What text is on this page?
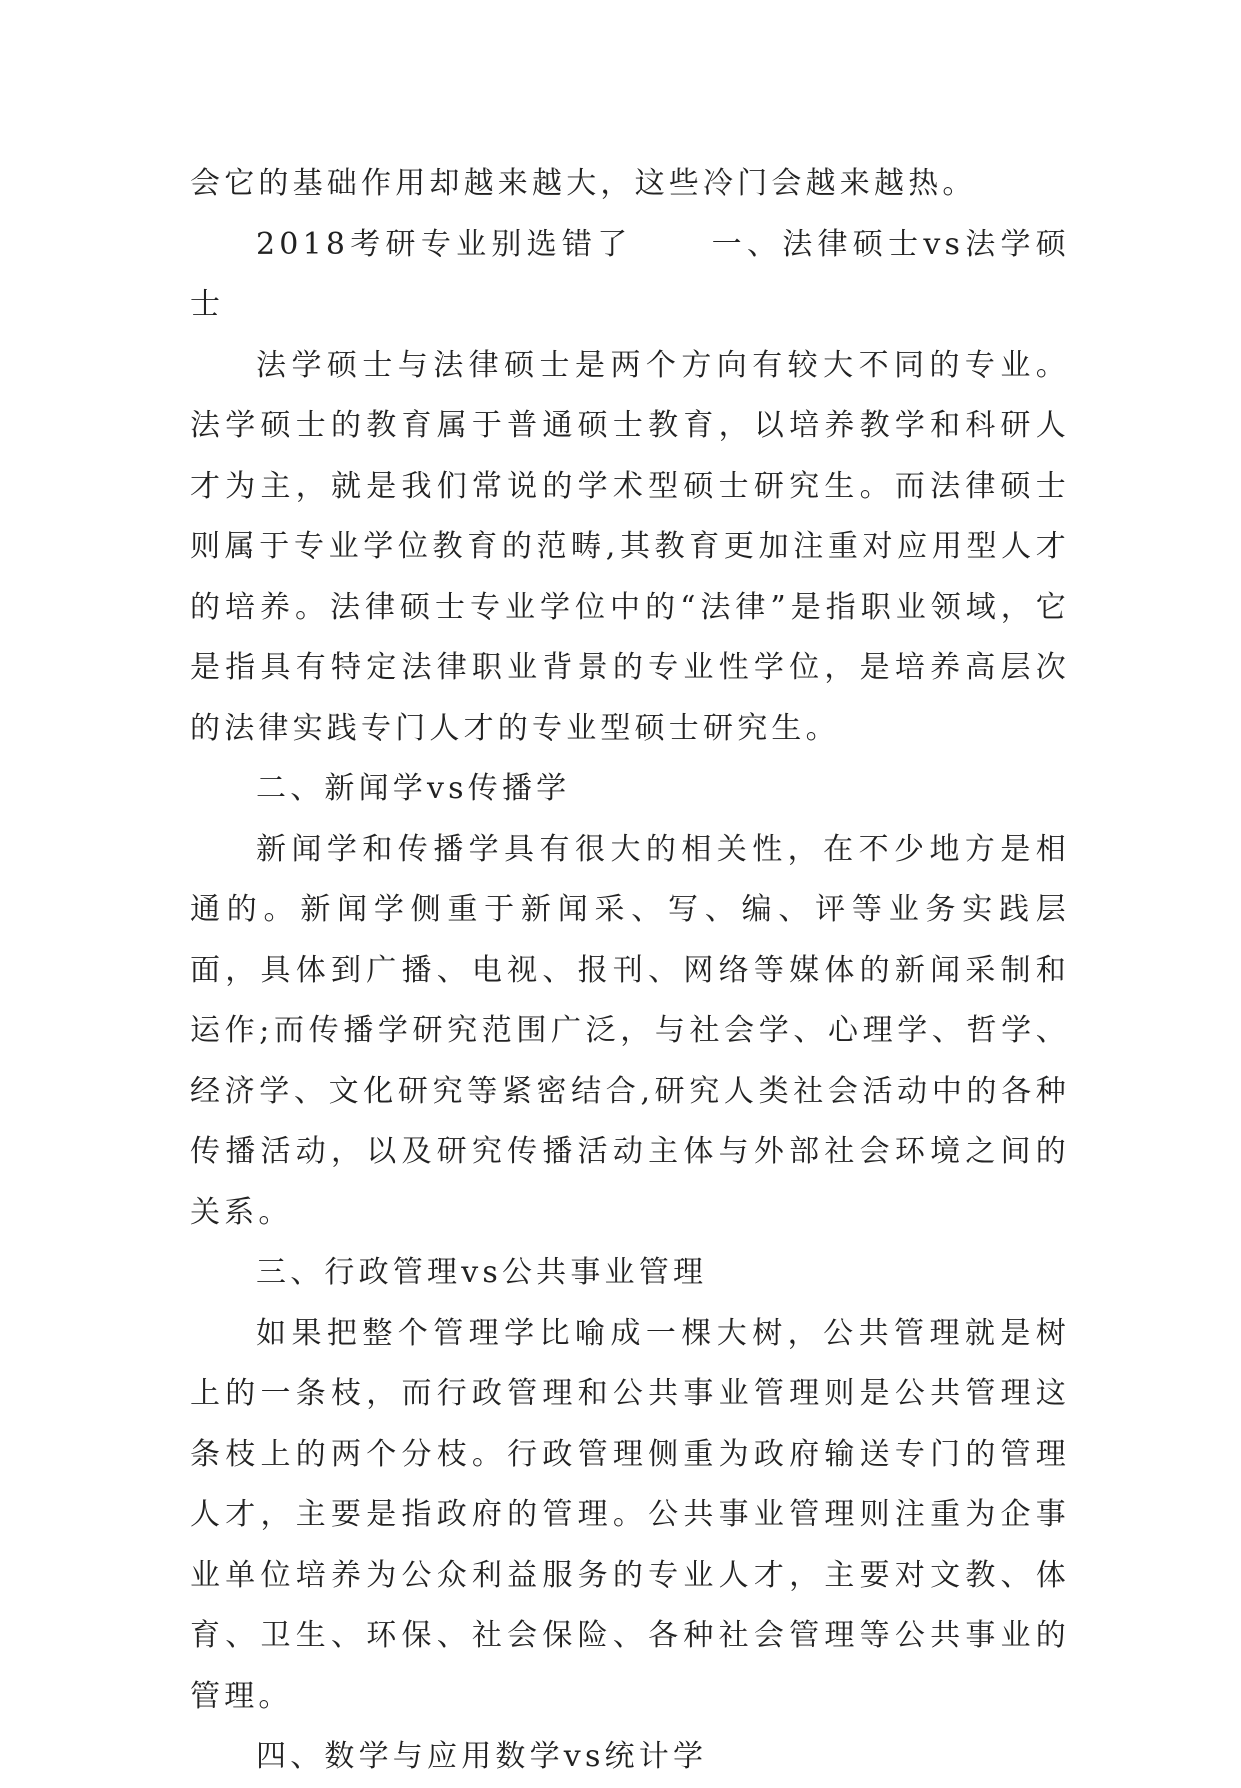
会它的基础作用却越来越大，这些冷门会越来越热。

2018考研专业别选错了	一、法律硕士vs法学硕士

法学硕士与法律硕士是两个方向有较大不同的专业。法学硕士的教育属于普通硕士教育，以培养教学和科研人才为主，就是我们常说的学术型硕士研究生。而法律硕士则属于专业学位教育的范畴,其教育更加注重对应用型人才的培养。法律硕士专业学位中的“法律”是指职业领域，它是指具有特定法律职业背景的专业性学位，是培养高层次的法律实践专门人才的专业型硕士研究生。

二、新闻学vs传播学

新闻学和传播学具有很大的相关性，在不少地方是相通的。新闻学侧重于新闻采、写、编、评等业务实践层面，具体到广播、电视、报刊、网络等媒体的新闻采制和运作;而传播学研究范围广泛，与社会学、心理学、哲学、经济学、文化研究等紧密结合,研究人类社会活动中的各种传播活动，以及研究传播活动主体与外部社会环境之间的关系。

三、行政管理vs公共事业管理

如果把整个管理学比喻成一棵大树，公共管理就是树上的一条枝，而行政管理和公共事业管理则是公共管理这条枝上的两个分枝。行政管理侧重为政府输送专门的管理人才，主要是指政府的管理。公共事业管理则注重为企事业单位培养为公众利益服务的专业人才，主要对文教、体育、卫生、环保、社会保险、各种社会管理等公共事业的管理。

四、数学与应用数学vs统计学
